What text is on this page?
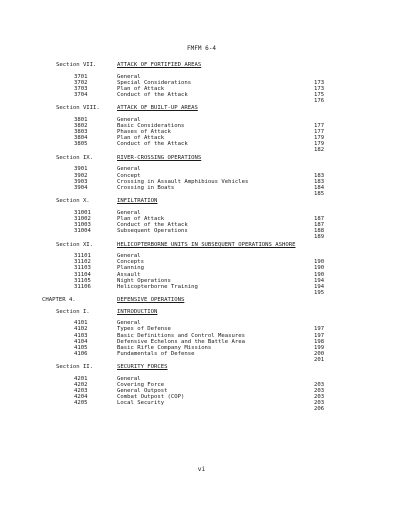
FMFM 6-4
Section VII.	ATTACK OF FORTIFIED AREAS
3701	General
3702	Special Considerations	173
3703	Plan of Attack	173
3704	Conduct of the Attack	175
176
Section VIII.	ATTACK OF BUILT-UP AREAS
3801	General
3802	Basic Considerations	177
3803	Phases of Attack	177
3804	Plan of Attack	179
3805	Conduct of the Attack	179
182
Section IX.	RIVER-CROSSING OPERATIONS
3901	General
3902	Concept	183
3903	Crossing in Assault Amphibious Vehicles	183
3904	Crossing in Boats	184
185
Section X.	INFILTRATION
31001	General
31002	Plan of Attack	187
31003	Conduct of the Attack	187
31004	Subsequent Operations	188
189
Section XI.	HELICOPTERBORNE UNITS IN SUBSEQUENT OPERATIONS ASHORE
31101	General
31102	Concepts	190
31103	Planning	190
31104	Assault	190
31105	Night Operations	194
31106	Helicopterborne Training	194
195
CHAPTER 4.	DEFENSIVE OPERATIONS
Section I.	INTRODUCTION
4101	General
4102	Types of Defense	197
4103	Basic Definitions and Control Measures	197
4104	Defensive Echelons and the Battle Area	198
4105	Basic Rifle Company Missions	199
4106	Fundamentals of Defense	200
201
Section II.	SECURITY FORCES
4201	General
4202	Covering Force	203
4203	General Outpost	203
4204	Combat Outpost (COP)	203
4205	Local Security	203
206
vi
